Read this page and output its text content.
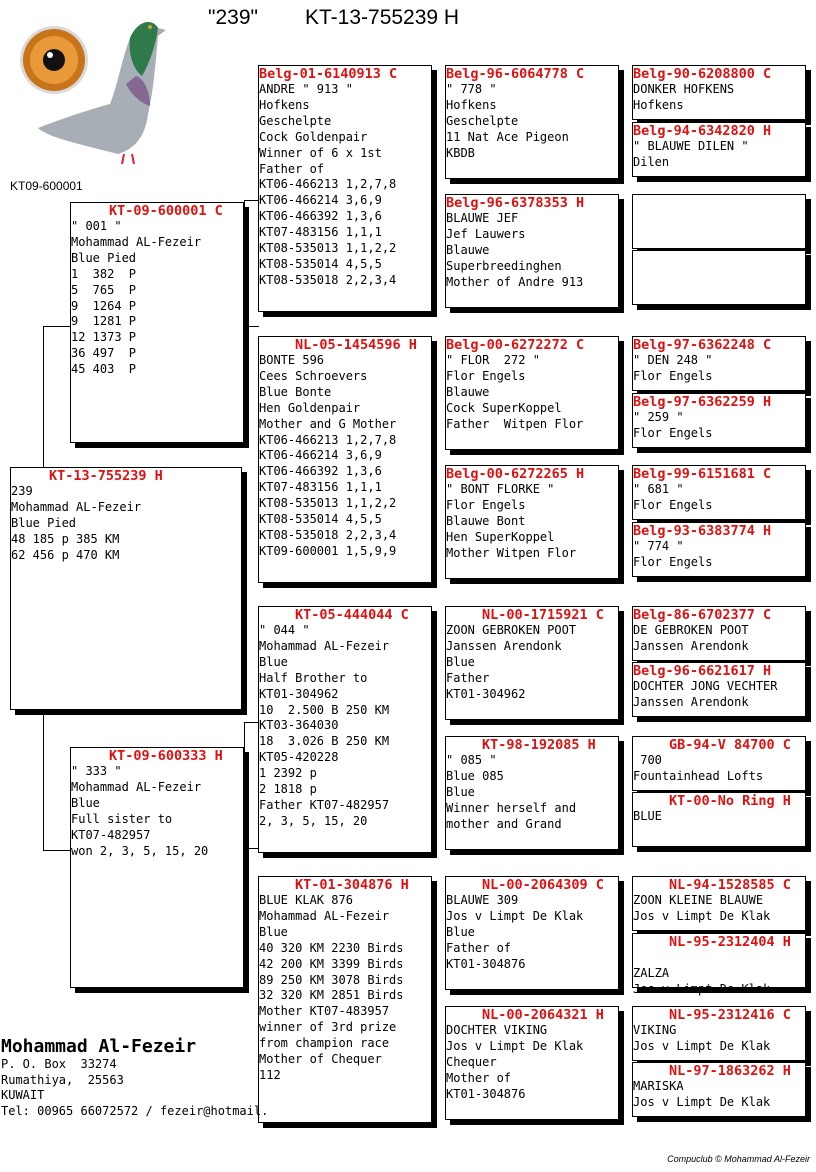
"239" KT-13-755239 H
KT09-600001
KT-13-755239 H
239
Mohammad AL-Fezeir
Blue Pied
48 185 p 385 KM
62 456 p 470 KM
KT-09-600001 C
" 001 "
Mohammad AL-Fezeir
Blue Pied
1  382  P
5  765  P
9  1264 P
9  1281 P
12 1373 P
36 497  P
45 403  P
KT-09-600333 H
" 333 "
Mohammad AL-Fezeir
Blue
Full sister to
KT07-482957
won 2, 3, 5, 15, 20
Belg-01-6140913 C
ANDRE " 913 "
Hofkens
Geschelpte
Cock Goldenpair
Winner of 6 x 1st
Father of
KT06-466213 1,2,7,8
KT06-466214 3,6,9
KT06-466392 1,3,6
KT07-483156 1,1,1
KT08-535013 1,1,2,2
KT08-535014 4,5,5
KT08-535018 2,2,3,4
NL-05-1454596 H
BONTE 596
Cees Schroevers
Blue Bonte
Hen Goldenpair
Mother and G Mother
KT06-466213 1,2,7,8
KT06-466214 3,6,9
KT06-466392 1,3,6
KT07-483156 1,1,1
KT08-535013 1,1,2,2
KT08-535014 4,5,5
KT08-535018 2,2,3,4
KT09-600001 1,5,9,9
KT-05-444044 C
" 044 "
Mohammad AL-Fezeir
Blue
Half Brother to
KT01-304962
10  2.500 B 250 KM
KT03-364030
18  3.026 B 250 KM
KT05-420228
1 2392 p
2 1818 p
Father KT07-482957
2, 3, 5, 15, 20
KT-01-304876 H
BLUE KLAK 876
Mohammad AL-Fezeir
Blue
40 320 KM 2230 Birds
42 200 KM 3399 Birds
89 250 KM 3078 Birds
32 320 KM 2851 Birds
Mother KT07-483957
winner of 3rd prize
from champion race
Mother of Chequer
112
Belg-96-6064778 C
" 778 "
Hofkens
Geschelpte
11 Nat Ace Pigeon
KBDB
Belg-96-6378353 H
BLAUWE JEF
Jef Lauwers
Blauwe
Superbreedinghen
Mother of Andre 913
Belg-00-6272272 C
" FLOR  272 "
Flor Engels
Blauwe
Cock SuperKoppel
Father  Witpen Flor
Belg-00-6272265 H
" BONT FLORKE "
Flor Engels
Blauwe Bont
Hen SuperKoppel
Mother Witpen Flor
NL-00-1715921 C
ZOON GEBROKEN POOT
Janssen Arendonk
Blue
Father
KT01-304962
KT-98-192085 H
" 085 "
Blue 085
Blue
Winner herself and
mother and Grand
NL-00-2064309 C
BLAUWE 309
Jos v Limpt De Klak
Blue
Father of
KT01-304876
NL-00-2064321 H
DOCHTER VIKING
Jos v Limpt De Klak
Chequer
Mother of
KT01-304876
Belg-90-6208800 C
DONKER HOFKENS
Hofkens
Belg-94-6342820 H
" BLAUWE DILEN "
Dilen
Belg-97-6362248 C
" DEN 248 "
Flor Engels
Belg-97-6362259 H
" 259 "
Flor Engels
Belg-99-6151681 C
" 681 "
Flor Engels
Belg-93-6383774 H
" 774 "
Flor Engels
Belg-86-6702377 C
DE GEBROKEN POOT
Janssen Arendonk
Belg-96-6621617 H
DOCHTER JONG VECHTER
Janssen Arendonk
GB-94-V 84700 C
700
Fountainhead Lofts
KT-00-No Ring H
BLUE
NL-94-1528585 C
ZOON KLEINE BLAUWE
Jos v Limpt De Klak
NL-95-2312404 H

ZALZA
Jos v Limpt De Klak
NL-95-2312416 C
VIKING
Jos v Limpt De Klak
NL-97-1863262 H
MARISKA
Jos v Limpt De Klak
Mohammad Al-Fezeir
P. O. Box  33274
Rumathiya,  25563
KUWAIT
Tel: 00965 66072572 / fezeir@hotmail.
Compuclub © Mohammad Al-Fezeir
